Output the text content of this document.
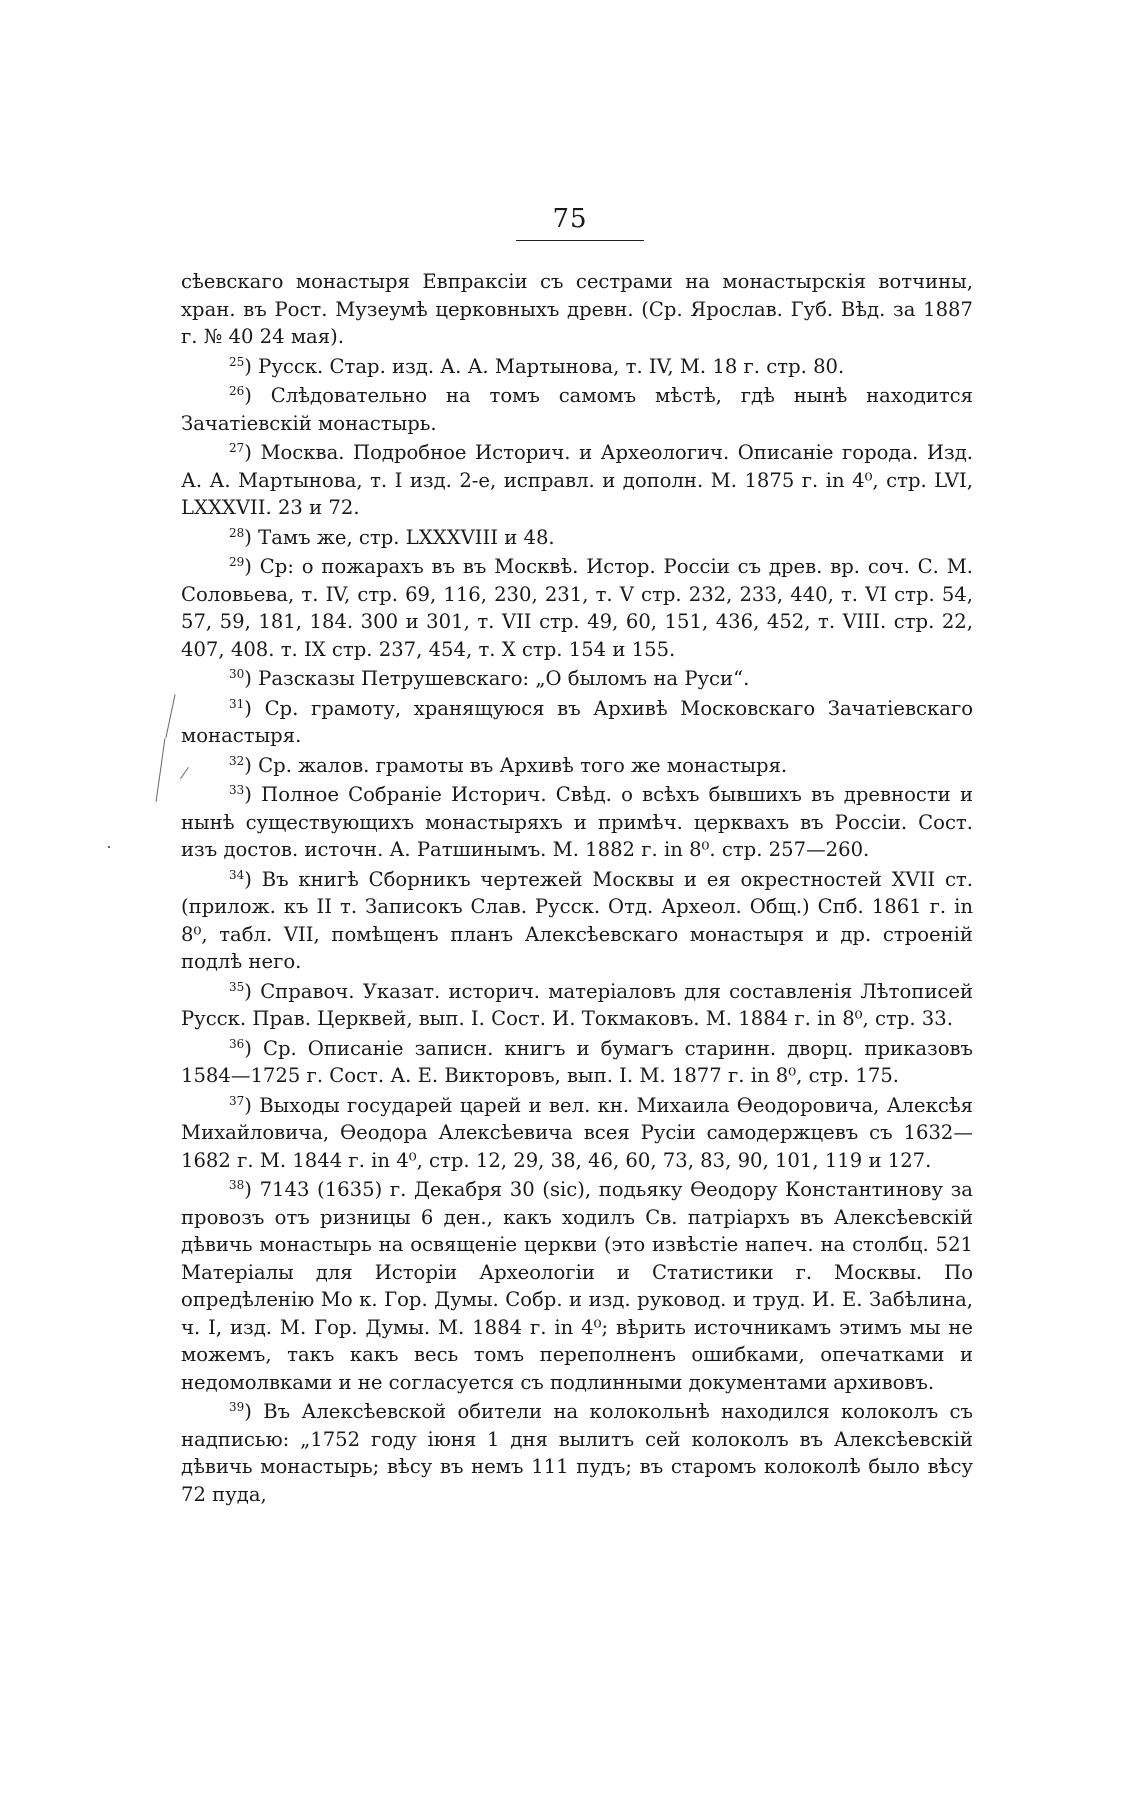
75

сѣевскаго монастыря Евпраксiи съ сестрами на монастырскiя вотчины, хран. въ Рост. Музеумѣ церковныхъ древн. (Ср. Ярослав. Губ. Вѣд. за 1887 г. № 40 24 мая).

$^{25}$) Русск. Стар. изд. А. А. Мартынова, т. IV, М. 18 г. стр. 80.

$^{26}$) Слѣдовательно на томъ самомъ мѣстѣ, гдѣ нынѣ находится Зачатiевскiй монастырь.

$^{27}$) Москва. Подробное Историч. и Археологич. Описанiе города. Изд. А. А. Мартынова, т. I изд. 2-е, исправл. и дополн. М. 1875 г. in 4⁰, стр. LVI, LXXXVII. 23 и 72.

$^{28}$) Тамъ же, стр. LXXXVIII и 48.

$^{29}$) Ср: о пожарахъ въ въ Москвѣ. Истор. Россiи съ древ. вр. соч. С. М. Соловьева, т. IV, стр. 69, 116, 230, 231, т. V стр. 232, 233, 440, т. VI стр. 54, 57, 59, 181, 184. 300 и 301, т. VII стр. 49, 60, 151, 436, 452, т. VIII. стр. 22, 407, 408. т. IX стр. 237, 454, т. X стр. 154 и 155.

$^{30}$) Разсказы Петрушевскаго: „О быломъ на Руси“.

$^{31}$) Ср. грамоту, хранящуюся въ Архивѣ Московскаго Зачатiевскаго монастыря.

$^{32}$) Ср. жалов. грамоты въ Архивѣ того же монастыря.

$^{33}$) Полное Собранiе Историч. Свѣд. о всѣхъ бывшихъ въ древности и нынѣ существующихъ монастыряхъ и примѣч. церквахъ въ Россiи. Сост. изъ достов. источн. А. Ратшинымъ. М. 1882 г. in 8⁰. стр. 257—260.

$^{34}$) Въ книгѣ Сборникъ чертежей Москвы и ея окрестностей XVII ст. (прилож. къ II т. Записокъ Слав. Русск. Отд. Археол. Общ.) Спб. 1861 г. in 8⁰, табл. VII, помѣщенъ планъ Алексѣевскаго монастыря и др. строенiй подлѣ него.

$^{35}$) Справоч. Указат. историч. матерiаловъ для составленiя Лѣтописей Русск. Прав. Церквей, вып. I. Сост. И. Токмаковъ. М. 1884 г. in 8⁰, стр. 33.

$^{36}$) Ср. Описанiе записн. книгъ и бумагъ старинн. дворц. приказовъ 1584—1725 г. Сост. А. Е. Викторовъ, вып. I. М. 1877 г. in 8⁰, стр. 175.

$^{37}$) Выходы государей царей и вел. кн. Михаила Өеодоровича, Алексѣя Михайловича, Өеодора Алексѣевича всея Русiи самодержцевъ съ 1632—1682 г. М. 1844 г. in 4⁰, стр. 12, 29, 38, 46, 60, 73, 83, 90, 101, 119 и 127.

$^{38}$) 7143 (1635) г. Декабря 30 (sic), подьяку Өеодору Константинову за провозъ отъ ризницы 6 ден., какъ ходилъ Св. патрiархъ въ Алексѣевскiй дѣвичь монастырь на освященiе церкви (это извѣстiе напеч. на столбц. 521 Матерiалы для Исторiи Археологiи и Статистики г. Москвы. По опредѣленiю Мо к. Гор. Думы. Собр. и изд. руковод. и труд. И. Е. Забѣлина, ч. I, изд. М. Гор. Думы. М. 1884 г. in 4⁰; вѣрить источникамъ этимъ мы не можемъ, такъ какъ весь томъ переполненъ ошибками, опечатками и недомолвками и не согласуется съ подлинными документами архивовъ.

$^{39}$) Въ Алексѣевской обители на колокольнѣ находился колоколъ съ надписью: „1752 году iюня 1 дня вылитъ сей колоколъ въ Алексѣевскiй дѣвичь монастырь; вѣсу въ немъ 111 пудъ; въ старомъ колоколѣ было вѣсу 72 пуда,
